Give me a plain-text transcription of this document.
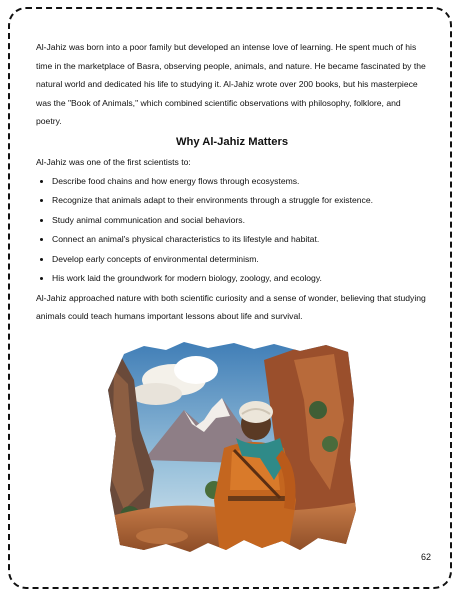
Al-Jahiz was born into a poor family but developed an intense love of learning. He spent much of his time in the marketplace of Basra, observing people, animals, and nature. He became fascinated by the natural world and dedicated his life to studying it. Al-Jahiz wrote over 200 books, but his masterpiece was the "Book of Animals," which combined scientific observations with philosophy, folklore, and poetry.

Why Al-Jahiz Matters

Al-Jahiz was one of the first scientists to:

• Describe food chains and how energy flows through ecosystems.
• Recognize that animals adapt to their environments through a struggle for existence.
• Study animal communication and social behaviors.
• Connect an animal's physical characteristics to its lifestyle and habitat.
• Develop early concepts of environmental determinism.
• His work laid the groundwork for modern biology, zoology, and ecology.

Al-Jahiz approached nature with both scientific curiosity and a sense of wonder, believing that studying animals could teach humans important lessons about life and survival.

62
